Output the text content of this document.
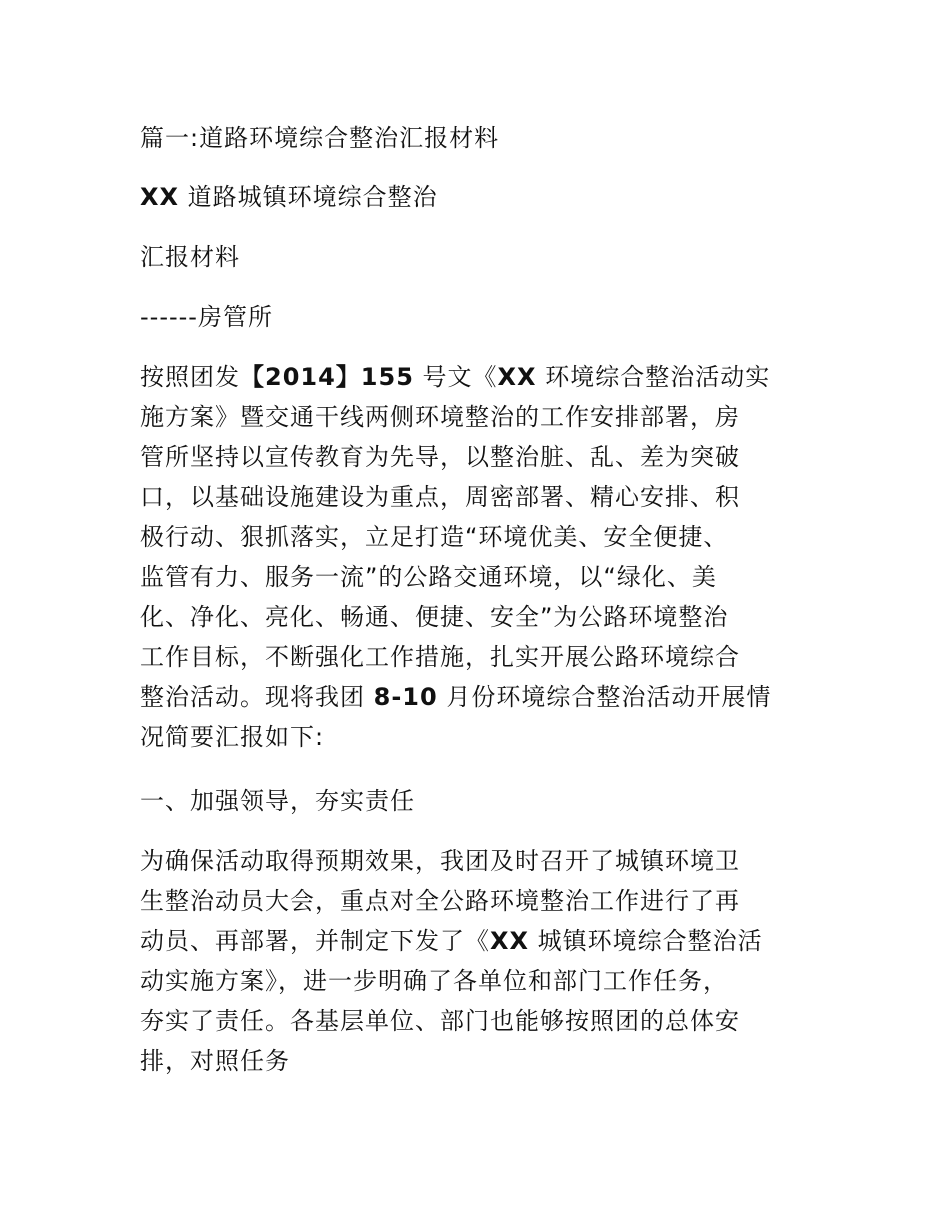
篇一:道路环境综合整治汇报材料
XX 道路城镇环境综合整治
汇报材料
------房管所
按照团发【2014】155 号文《XX 环境综合整治活动实
施方案》暨交通干线两侧环境整治的工作安排部署，房
管所坚持以宣传教育为先导，以整治脏、乱、差为突破
口，以基础设施建设为重点，周密部署、精心安排、积
极行动、狠抓落实，立足打造“环境优美、安全便捷、
监管有力、服务一流”的公路交通环境，以“绿化、美
化、净化、亮化、畅通、便捷、安全”为公路环境整治
工作目标，不断强化工作措施，扎实开展公路环境综合
整治活动。现将我团 8-10 月份环境综合整治活动开展情
况简要汇报如下:
一、加强领导，夯实责任
为确保活动取得预期效果，我团及时召开了城镇环境卫
生整治动员大会，重点对全公路环境整治工作进行了再
动员、再部署，并制定下发了《XX 城镇环境综合整治活
动实施方案》，进一步明确了各单位和部门工作任务，
夯实了责任。各基层单位、部门也能够按照团的总体安
排，对照任务
